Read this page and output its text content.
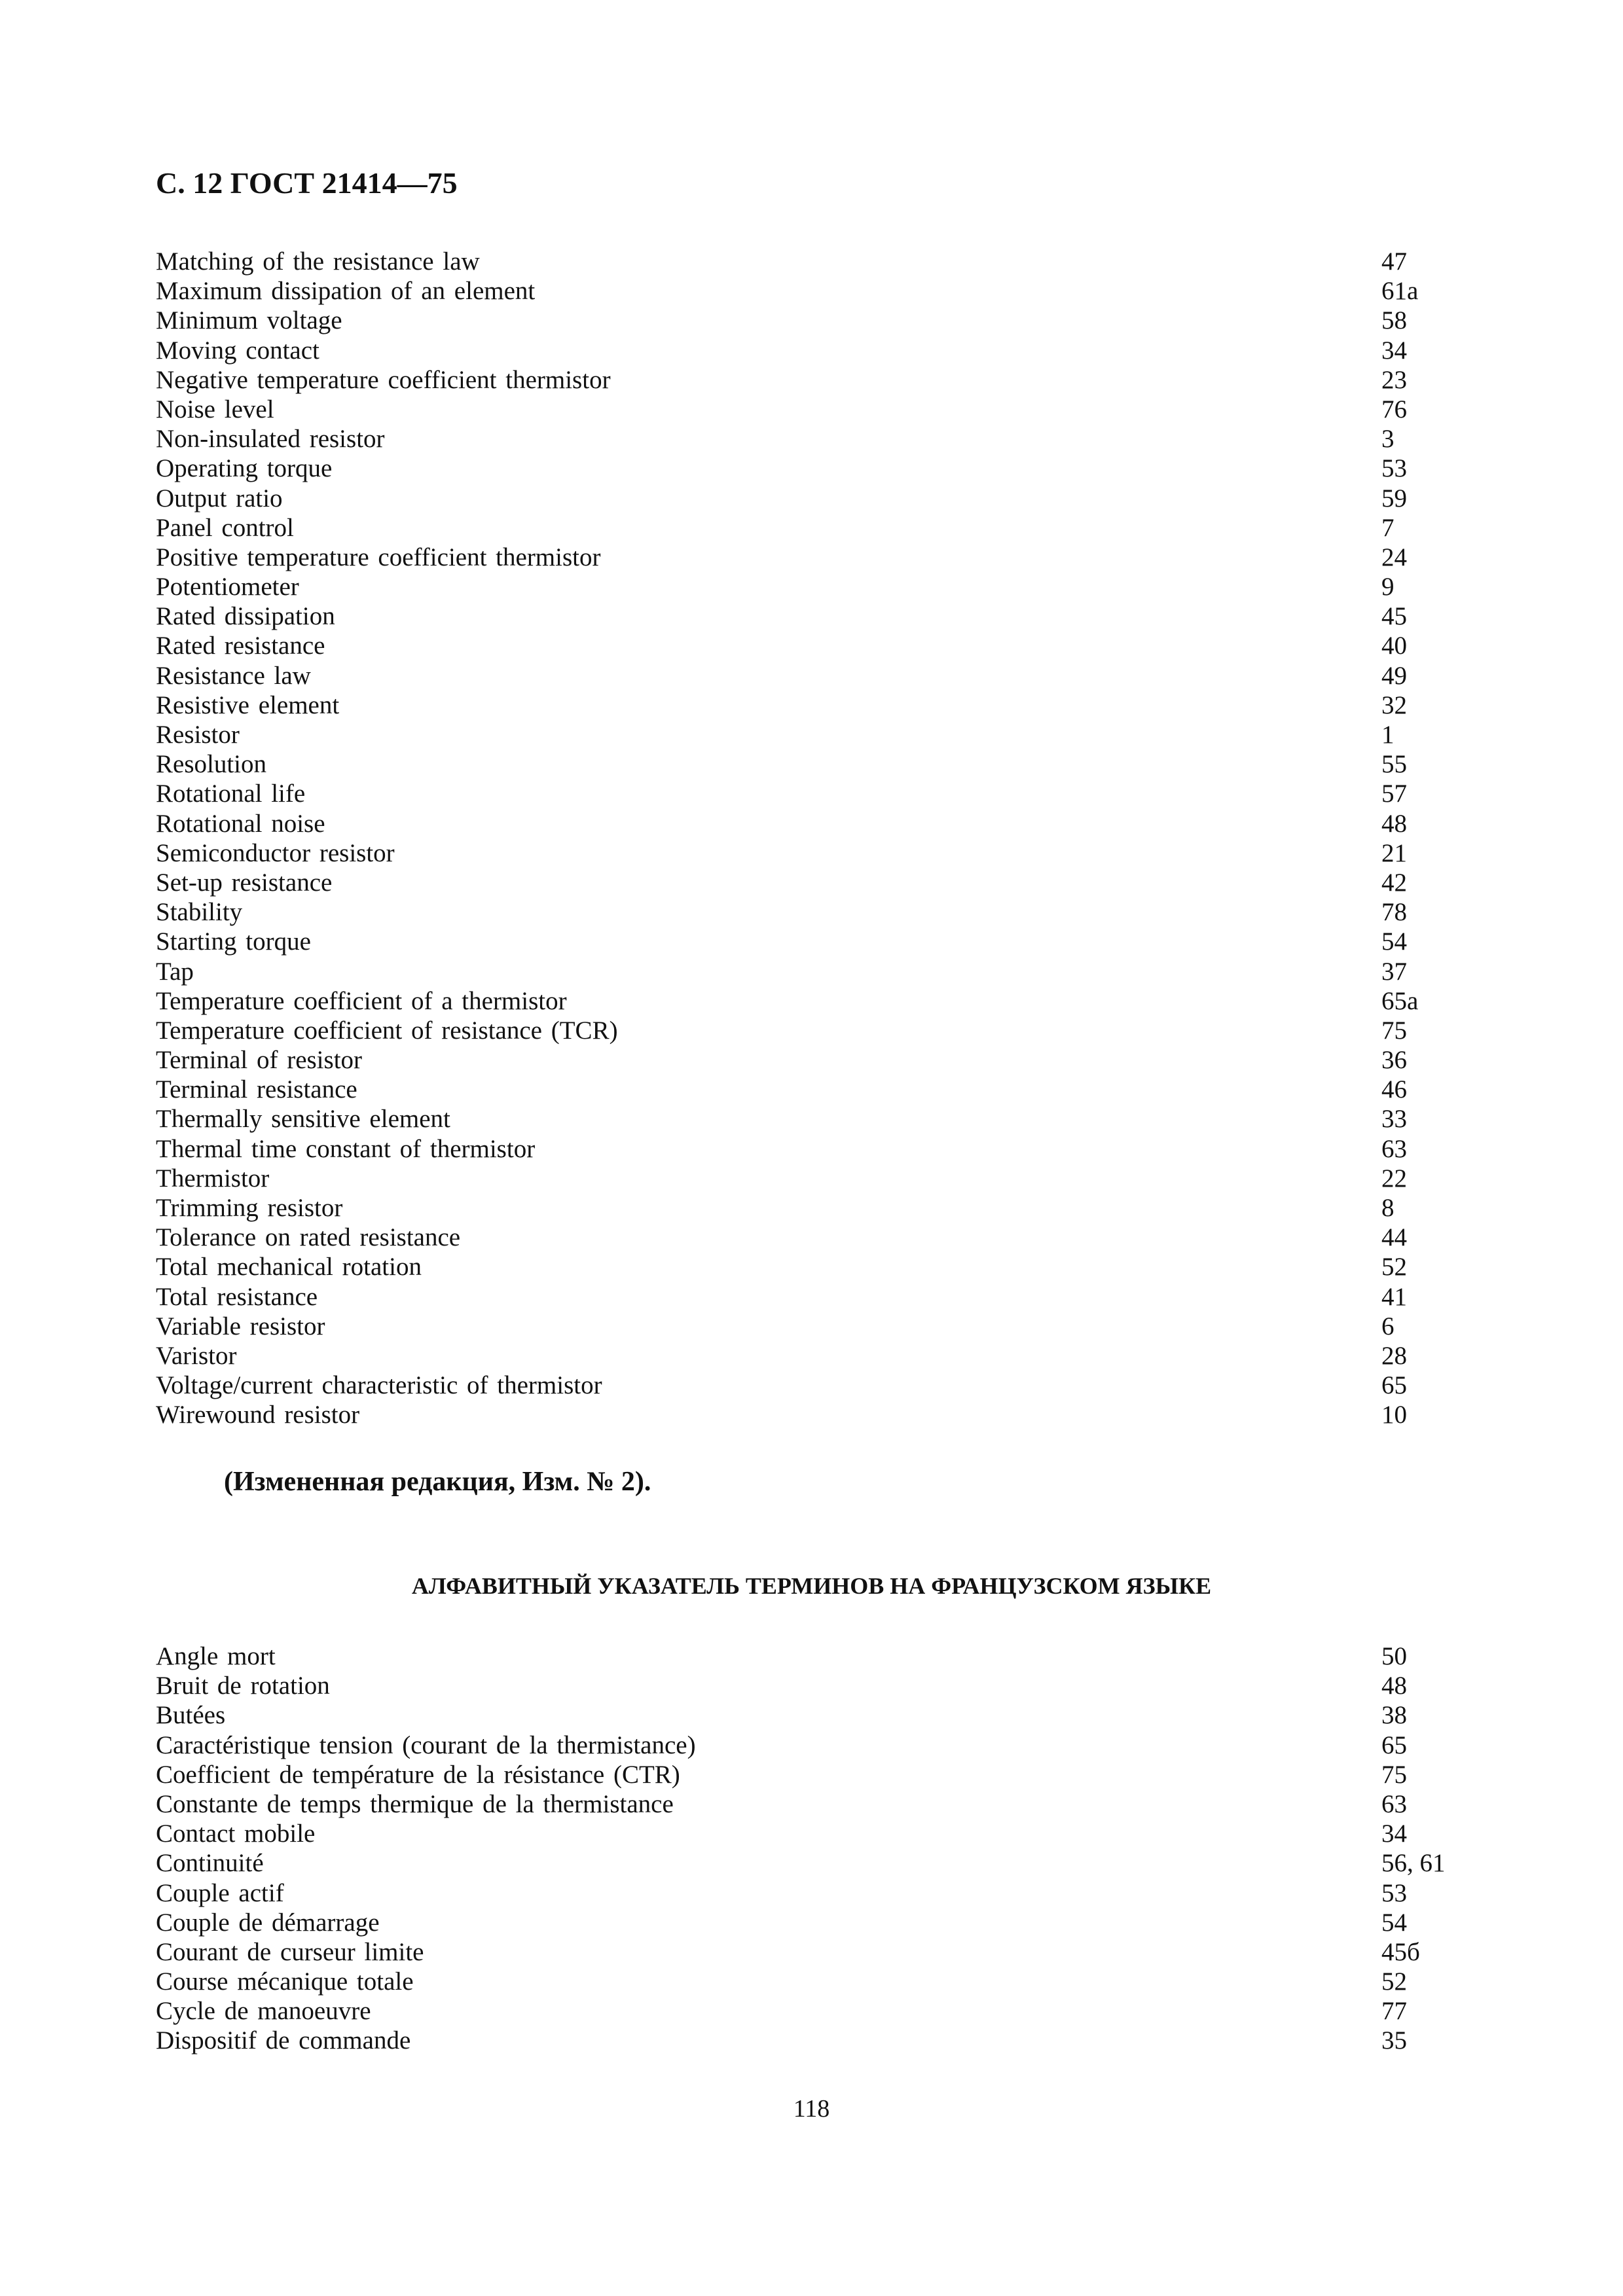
С. 12 ГОСТ 21414—75
Matching of the resistance law	47
Maximum dissipation of an element	61a
Minimum voltage	58
Moving contact	34
Negative temperature coefficient thermistor	23
Noise level	76
Non-insulated resistor	3
Operating torque	53
Output ratio	59
Panel control	7
Positive temperature coefficient thermistor	24
Potentiometer	9
Rated dissipation	45
Rated resistance	40
Resistance law	49
Resistive element	32
Resistor	1
Resolution	55
Rotational life	57
Rotational noise	48
Semiconductor resistor	21
Set-up resistance	42
Stability	78
Starting torque	54
Tap	37
Temperature coefficient of a thermistor	65a
Temperature coefficient of resistance (TCR)	75
Terminal of resistor	36
Terminal resistance	46
Thermally sensitive element	33
Thermal time constant of thermistor	63
Thermistor	22
Trimming resistor	8
Tolerance on rated resistance	44
Total mechanical rotation	52
Total resistance	41
Variable resistor	6
Varistor	28
Voltage/current characteristic of thermistor	65
Wirewound resistor	10
(Измененная редакция, Изм. № 2).
АЛФАВИТНЫЙ УКАЗАТЕЛЬ ТЕРМИНОВ НА ФРАНЦУЗСКОМ ЯЗЫКЕ
Angle mort	50
Bruit de rotation	48
Butées	38
Caractéristique tension (courant de la thermistance)	65
Coefficient de température de la résistance (CTR)	75
Constante de temps thermique de la thermistance	63
Contact mobile	34
Continuité	56, 61
Couple actif	53
Couple de démarrage	54
Courant de curseur limite	45б
Course mécanique totale	52
Cycle de manoeuvre	77
Dispositif de commande	35
118
